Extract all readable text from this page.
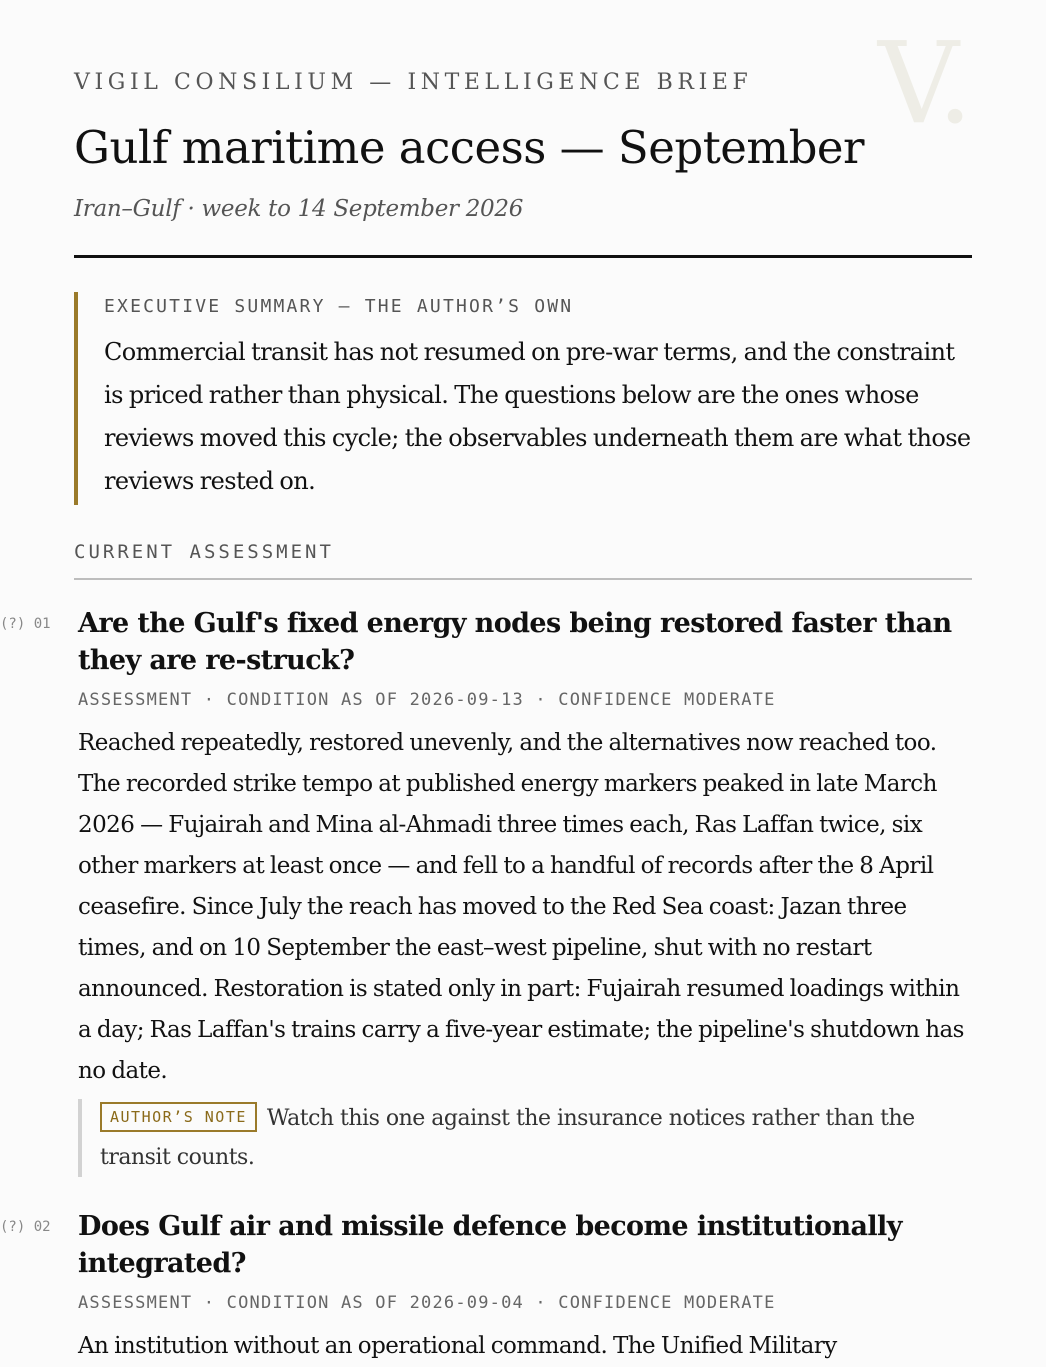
V.
VIGIL CONSILIUM — INTELLIGENCE BRIEF
Gulf maritime access — September
Iran–Gulf · week to 14 September 2026
EXECUTIVE SUMMARY — THE AUTHOR’S OWN
Commercial transit has not resumed on pre-war terms, and the constraint is priced rather than physical. The questions below are the ones whose reviews moved this cycle; the observables underneath them are what those reviews rested on.
CURRENT ASSESSMENT
(?) 01 Are the Gulf's fixed energy nodes being restored faster than they are re-struck?
ASSESSMENT · CONDITION AS OF 2026-09-13 · CONFIDENCE MODERATE
Reached repeatedly, restored unevenly, and the alternatives now reached too. The recorded strike tempo at published energy markers peaked in late March 2026 — Fujairah and Mina al-Ahmadi three times each, Ras Laffan twice, six other markers at least once — and fell to a handful of records after the 8 April ceasefire. Since July the reach has moved to the Red Sea coast: Jazan three times, and on 10 September the east–west pipeline, shut with no restart announced. Restoration is stated only in part: Fujairah resumed loadings within a day; Ras Laffan's trains carry a five-year estimate; the pipeline's shutdown has no date.
AUTHOR’S NOTE Watch this one against the insurance notices rather than the transit counts.
(?) 02 Does Gulf air and missile defence become institutionally integrated?
ASSESSMENT · CONDITION AS OF 2026-09-04 · CONFIDENCE MODERATE
An institution without an operational command. The Unified Military
